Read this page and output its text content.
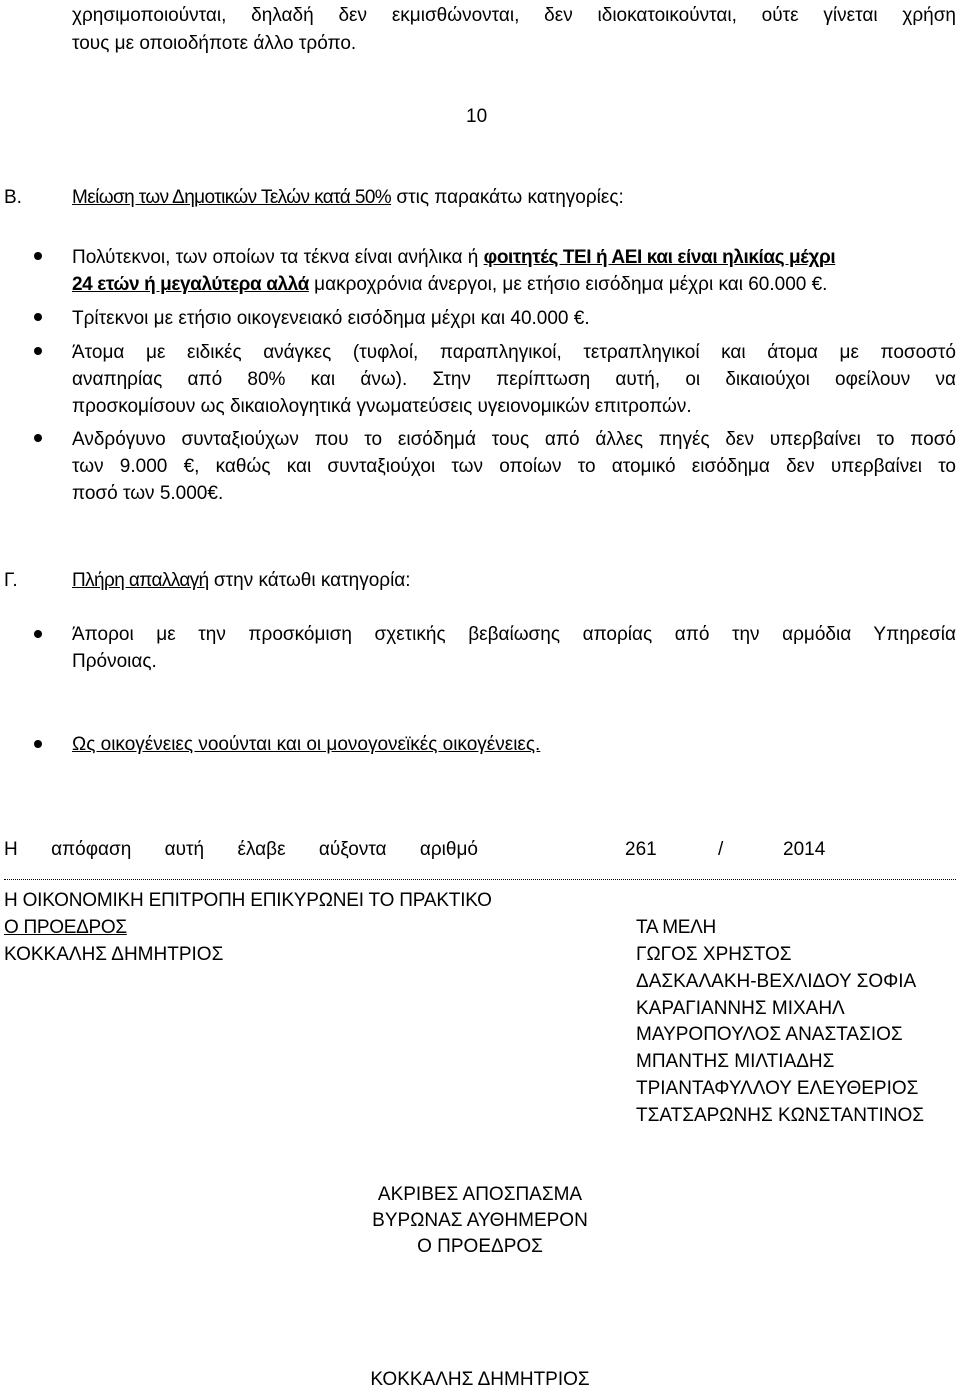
χρησιμοποιούνται, δηλαδή δεν εκμισθώνονται, δεν ιδιοκατοικούνται, ούτε γίνεται χρήση
τους με οποιοδήποτε άλλο τρόπο.
10
Β.	Μείωση των Δημοτικών Τελών κατά 50% στις παρακάτω κατηγορίες:
Πολύτεκνοι, των οποίων τα τέκνα είναι ανήλικα ή φοιτητές ΤΕΙ ή ΑΕΙ και είναι ηλικίας μέχρι
24 ετών ή μεγαλύτερα αλλά μακροχρόνια άνεργοι, με ετήσιο εισόδημα μέχρι και 60.000 €.
Τρίτεκνοι με ετήσιο οικογενειακό εισόδημα μέχρι και 40.000 €.
Άτομα με ειδικές ανάγκες (τυφλοί, παραπληγικοί, τετραπληγικοί και άτομα με ποσοστό
αναπηρίας από 80% και άνω). Στην περίπτωση αυτή, οι δικαιούχοι οφείλουν να
προσκομίσουν ως δικαιολογητικά γνωματεύσεις υγειονομικών επιτροπών.
Ανδρόγυνο συνταξιούχων που το εισόδημά τους από άλλες πηγές δεν υπερβαίνει το ποσό
των 9.000 €, καθώς και συνταξιούχοι των οποίων το ατομικό εισόδημα δεν υπερβαίνει το
ποσό των 5.000€.
Γ.	Πλήρη απαλλαγή στην κάτωθι κατηγορία:
Άποροι με την προσκόμιση σχετικής βεβαίωσης απορίας από την αρμόδια Υπηρεσία
Πρόνοιας.
Ως οικογένειες νοούνται και οι μονογονεϊκές οικογένειες.
Η απόφαση αυτή έλαβε αύξοντα αριθμό	261	/	2014
Η ΟΙΚΟΝΟΜΙΚΗ ΕΠΙΤΡΟΠΗ ΕΠΙΚΥΡΩΝΕΙ ΤΟ ΠΡΑΚΤΙΚΟ
Ο ΠΡΟΕΔΡΟΣ
ΚΟΚΚΑΛΗΣ ΔΗΜΗΤΡΙΟΣ
ΤΑ ΜΕΛΗ
ΓΩΓΟΣ ΧΡΗΣΤΟΣ
ΔΑΣΚΑΛΑΚΗ-ΒΕΧΛΙΔΟΥ ΣΟΦΙΑ
ΚΑΡΑΓΙΑΝΝΗΣ ΜΙΧΑΗΛ
ΜΑΥΡΟΠΟΥΛΟΣ ΑΝΑΣΤΑΣΙΟΣ
ΜΠΑΝΤΗΣ ΜΙΛΤΙΑΔΗΣ
ΤΡΙΑΝΤΑΦΥΛΛΟΥ ΕΛΕΥΘΕΡΙΟΣ
ΤΣΑΤΣΑΡΩΝΗΣ ΚΩΝΣΤΑΝΤΙΝΟΣ
ΑΚΡΙΒΕΣ ΑΠΟΣΠΑΣΜΑ
ΒΥΡΩΝΑΣ ΑΥΘΗΜΕΡΟΝ
Ο ΠΡΟΕΔΡΟΣ
ΚΟΚΚΑΛΗΣ ΔΗΜΗΤΡΙΟΣ
